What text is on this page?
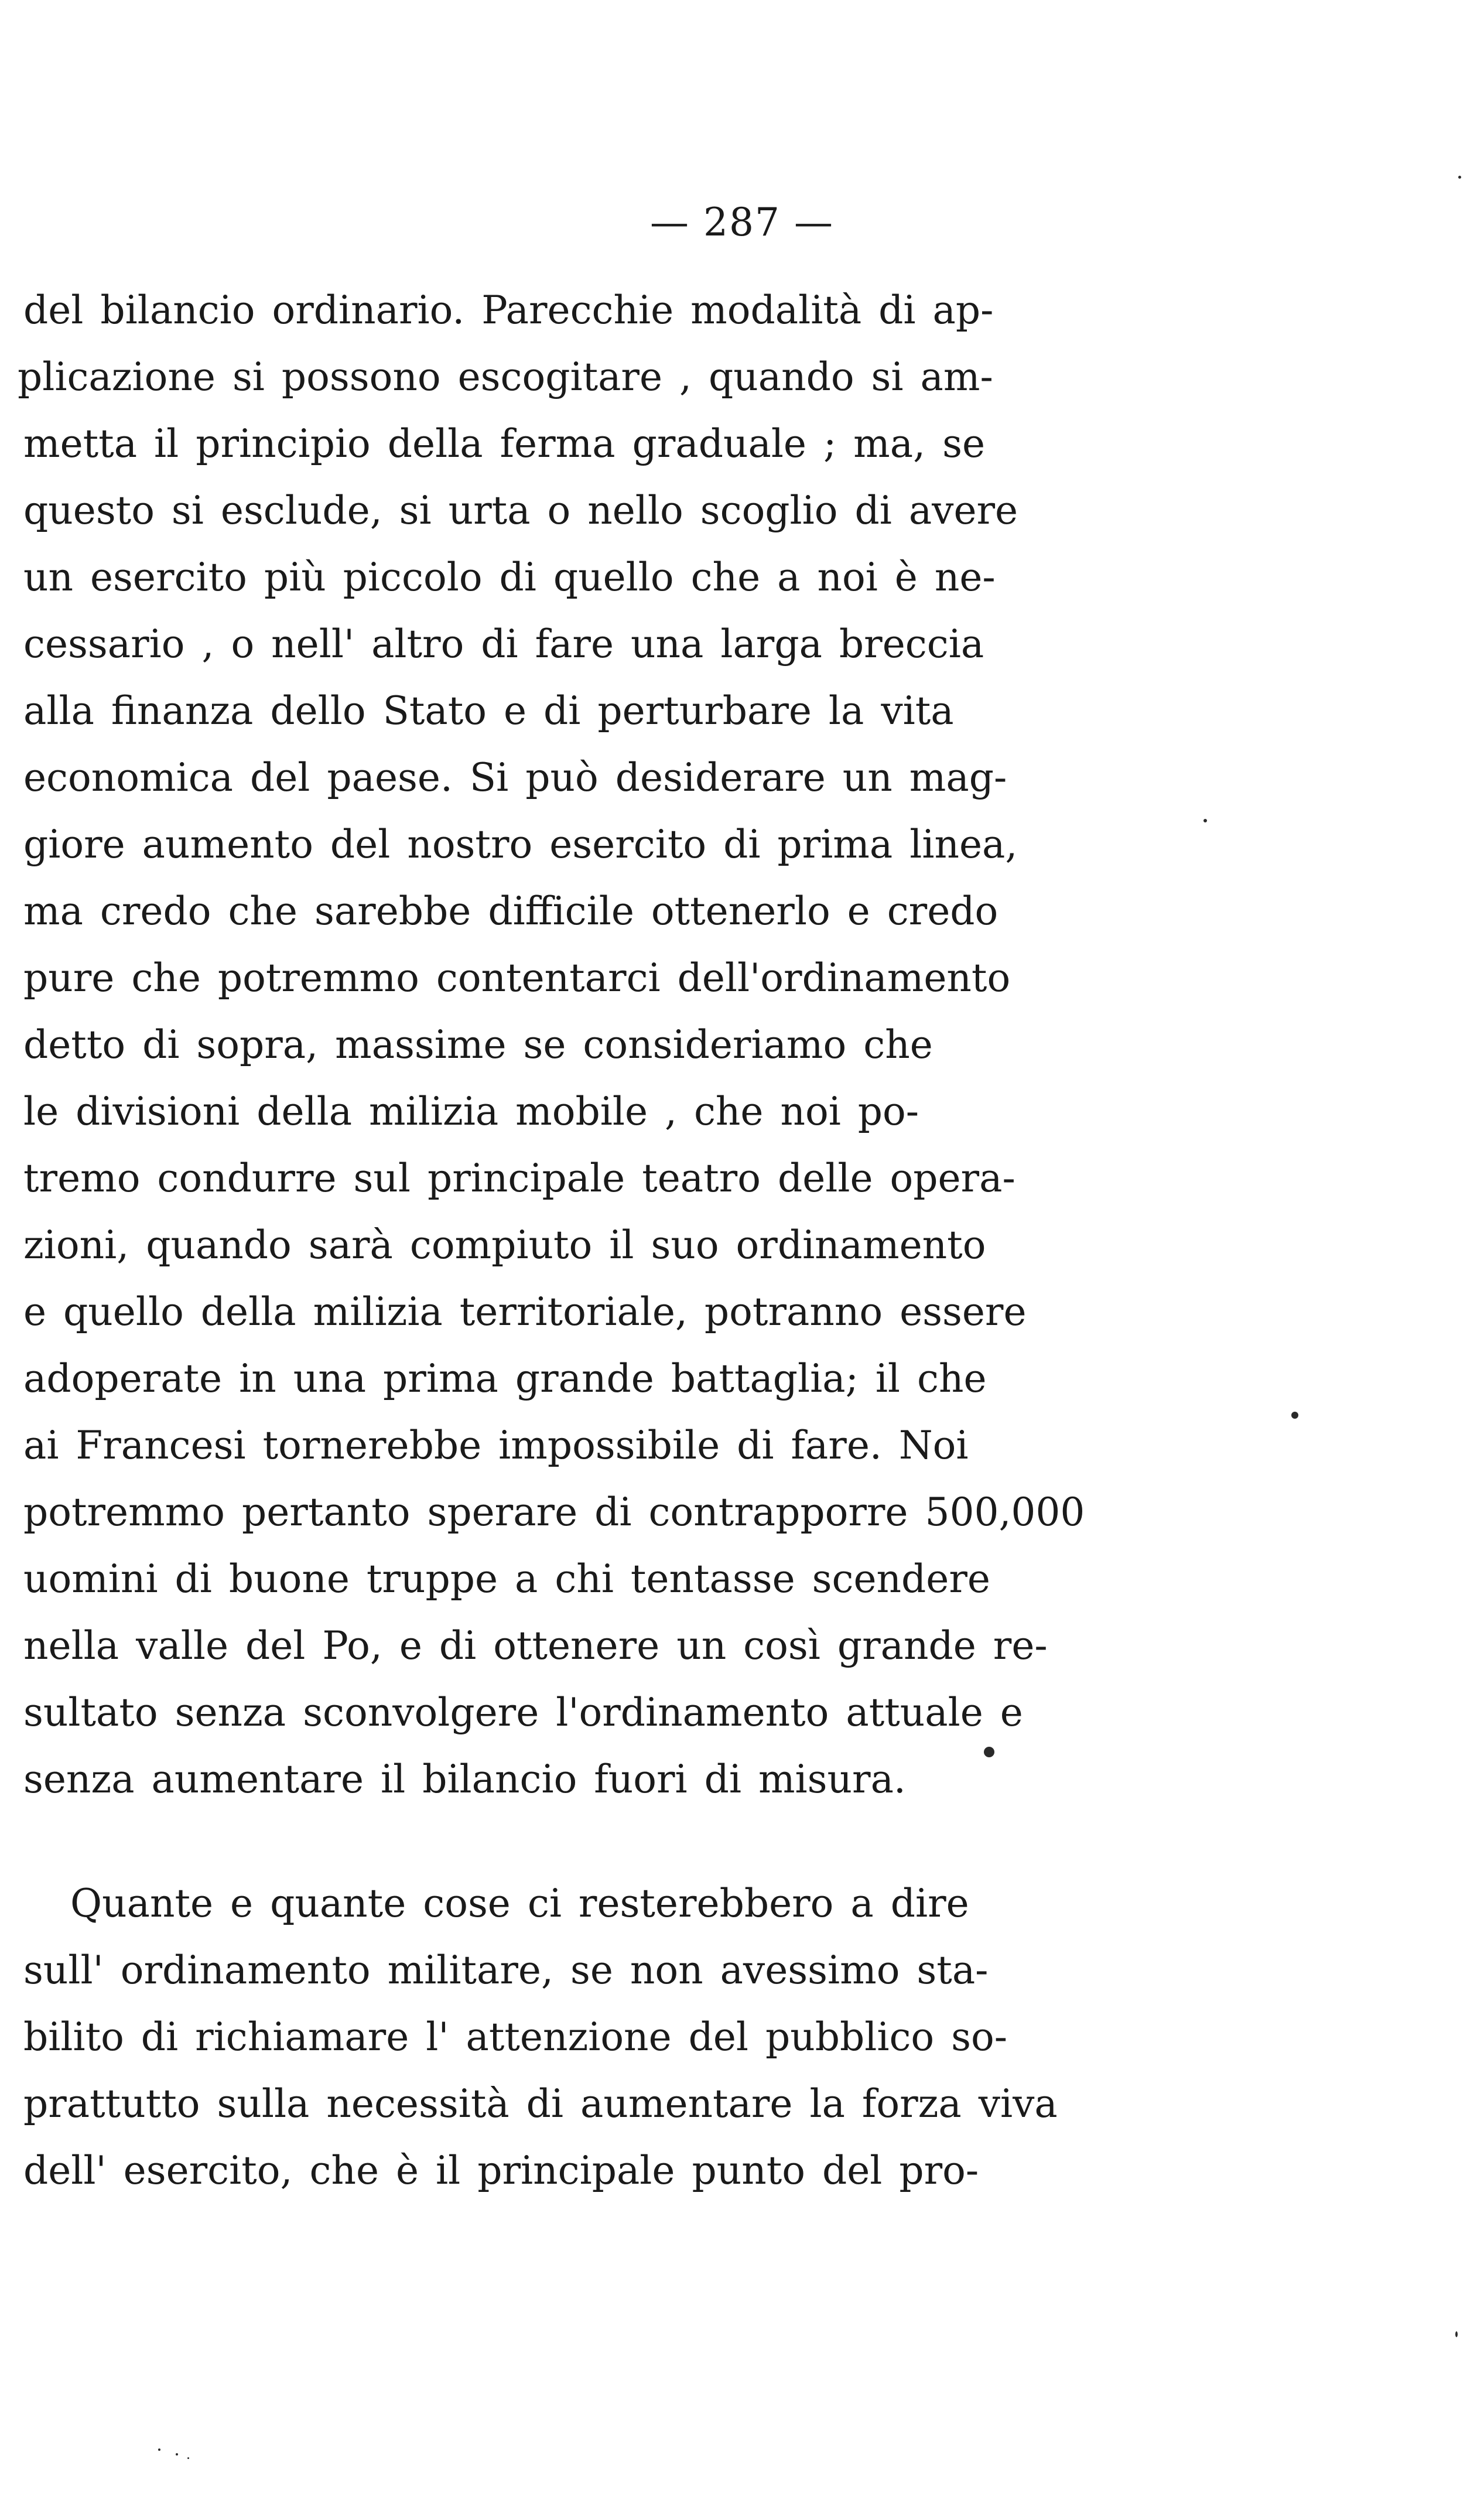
— 287 —
del bilancio ordinario. Parecchie modalità di ap-
plicazione si possono escogitare , quando si am-
metta il principio della ferma graduale ; ma, se
questo si esclude, si urta o nello scoglio di avere
un esercito più piccolo di quello che a noi è ne-
cessario , o nell' altro di fare una larga breccia
alla finanza dello Stato e di perturbare la vita
economica del paese. Si può desiderare un mag-
giore aumento del nostro esercito di prima linea,
ma credo che sarebbe difficile ottenerlo e credo
pure che potremmo contentarci dell'ordinamento
detto di sopra, massime se consideriamo che
le divisioni della milizia mobile , che noi po-
tremo condurre sul principale teatro delle opera-
zioni, quando sarà compiuto il suo ordinamento
e quello della milizia territoriale, potranno essere
adoperate in una prima grande battaglia; il che
ai Francesi tornerebbe impossibile di fare. Noi
potremmo pertanto sperare di contrapporre 500,000
uomini di buone truppe a chi tentasse scendere
nella valle del Po, e di ottenere un così grande re-
sultato senza sconvolgere l'ordinamento attuale e
senza aumentare il bilancio fuori di misura.
Quante e quante cose ci resterebbero a dire
sull' ordinamento militare, se non avessimo sta-
bilito di richiamare l' attenzione del pubblico so-
prattutto sulla necessità di aumentare la forza viva
dell' esercito, che è il principale punto del pro-
